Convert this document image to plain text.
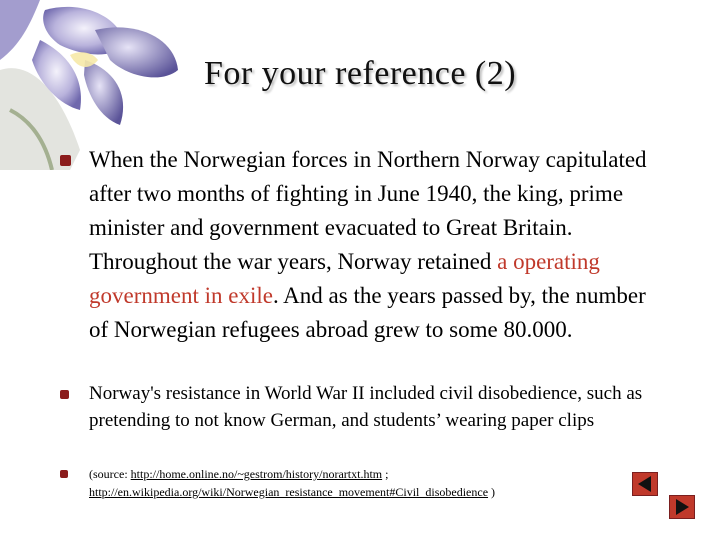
For your reference (2)
When the Norwegian forces in Northern Norway capitulated after two months of fighting in June 1940, the king, prime minister and government evacuated to Great Britain. Throughout the war years, Norway retained a operating government in exile. And as the years passed by, the number of Norwegian refugees abroad grew to some 80.000.
Norway's resistance in World War II included civil disobedience, such as pretending to not know German, and students’ wearing paper clips
(source: http://home.online.no/~gestrom/history/norartxt.htm ;
http://en.wikipedia.org/wiki/Norwegian_resistance_movement#Civil_disobedience )
